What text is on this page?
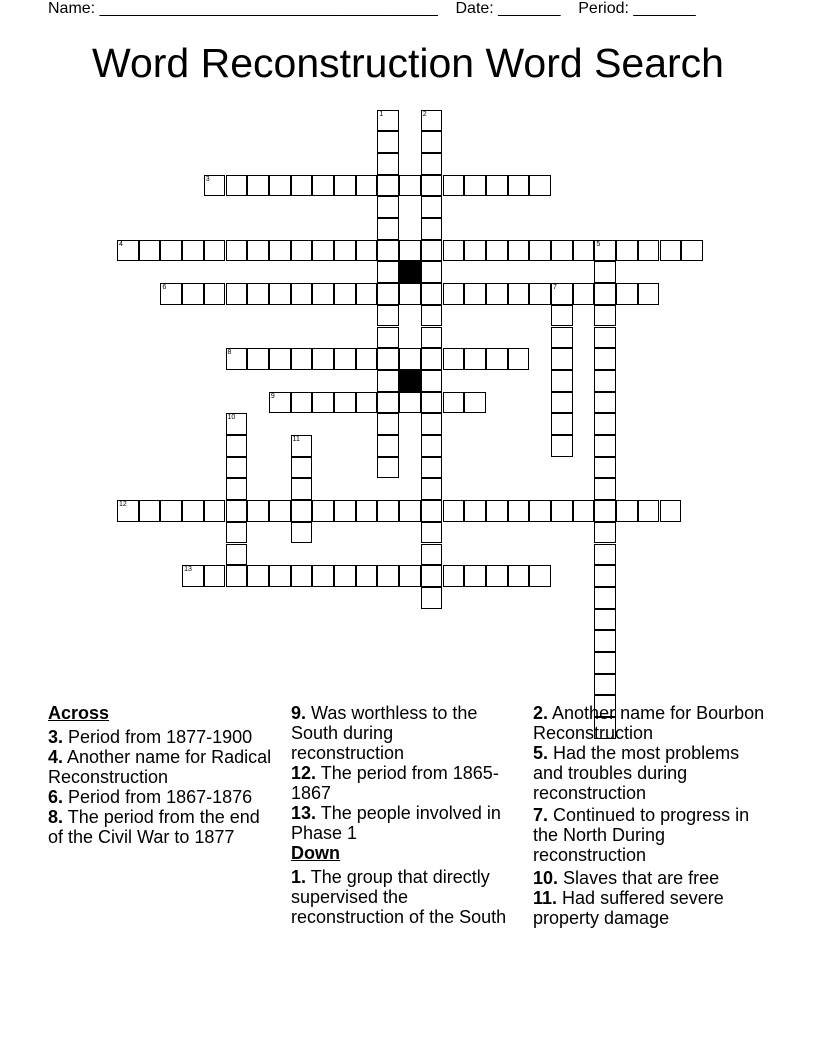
Name: ______________________________________    Date: _______    Period: _______
Word Reconstruction Word Search
1	2
3
4	5
6	7
8
9
10
11
12
13
Across
3. Period from 1877-1900
4. Another name for Radical Reconstruction
6. Period from 1867-1876
8. The period from the end of the Civil War to 1877
9. Was worthless to the South during reconstruction
12. The period from 1865-1867
13. The people involved in Phase 1
Down
1. The group that directly supervised the reconstruction of the South
2. Another name for Bourbon Reconstruction
5. Had the most problems and troubles during reconstruction
7. Continued to progress in the North During reconstruction
10. Slaves that are free
11. Had suffered severe property damage
